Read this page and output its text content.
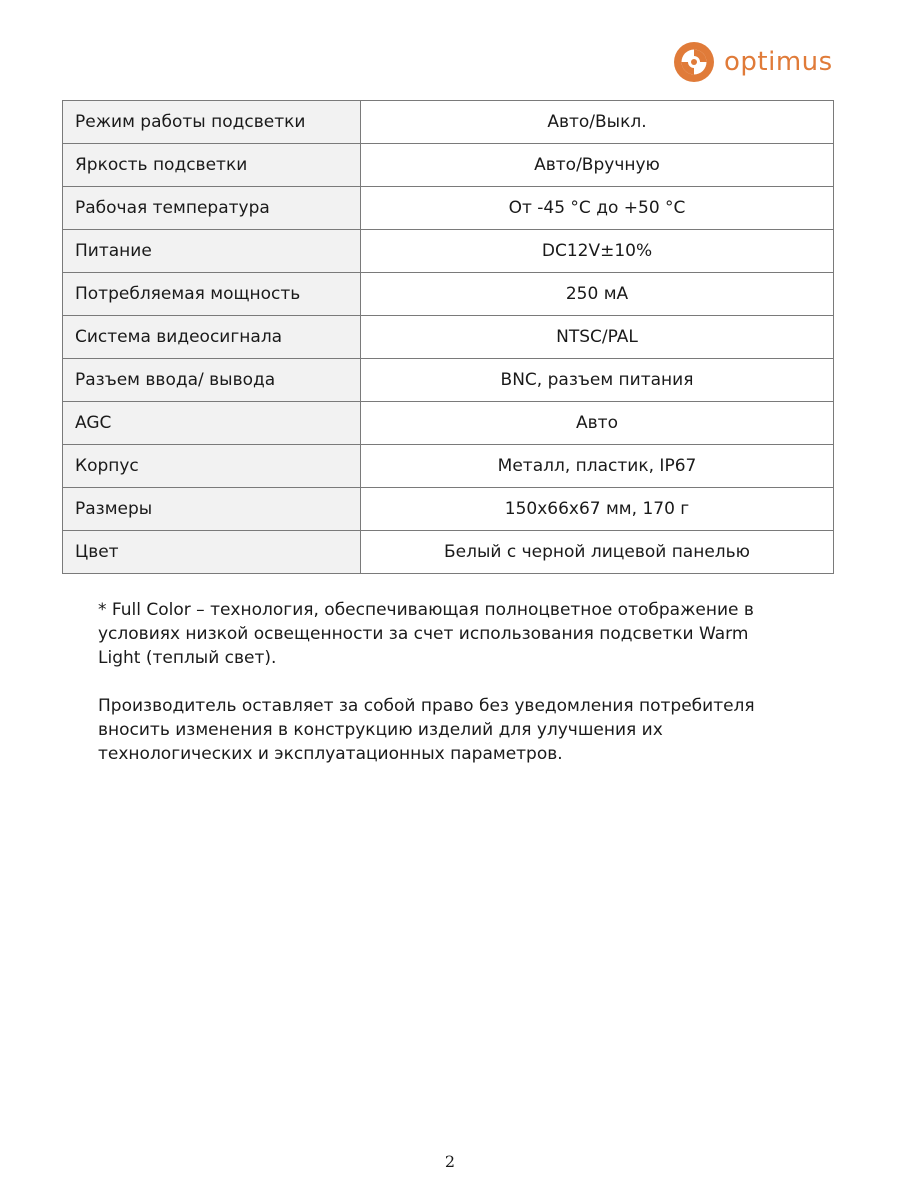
optimus
Режим работы подсветки	Авто/Выкл.
Яркость подсветки	Авто/Вручную
Рабочая температура	От -45 °C до +50 °C
Питание	DC12V±10%
Потребляемая мощность	250 мА
Система видеосигнала	NTSC/PAL
Разъем ввода/ вывода	BNC, разъем питания
AGC	Авто
Корпус	Металл, пластик, IP67
Размеры	150x66x67 мм, 170 г
Цвет	Белый с черной лицевой панелью

* Full Color – технология, обеспечивающая полноцветное отображение в условиях низкой освещенности за счет использования подсветки Warm Light (теплый свет).

Производитель оставляет за собой право без уведомления потребителя вносить изменения в конструкцию изделий для улучшения их технологических и эксплуатационных параметров.

2
